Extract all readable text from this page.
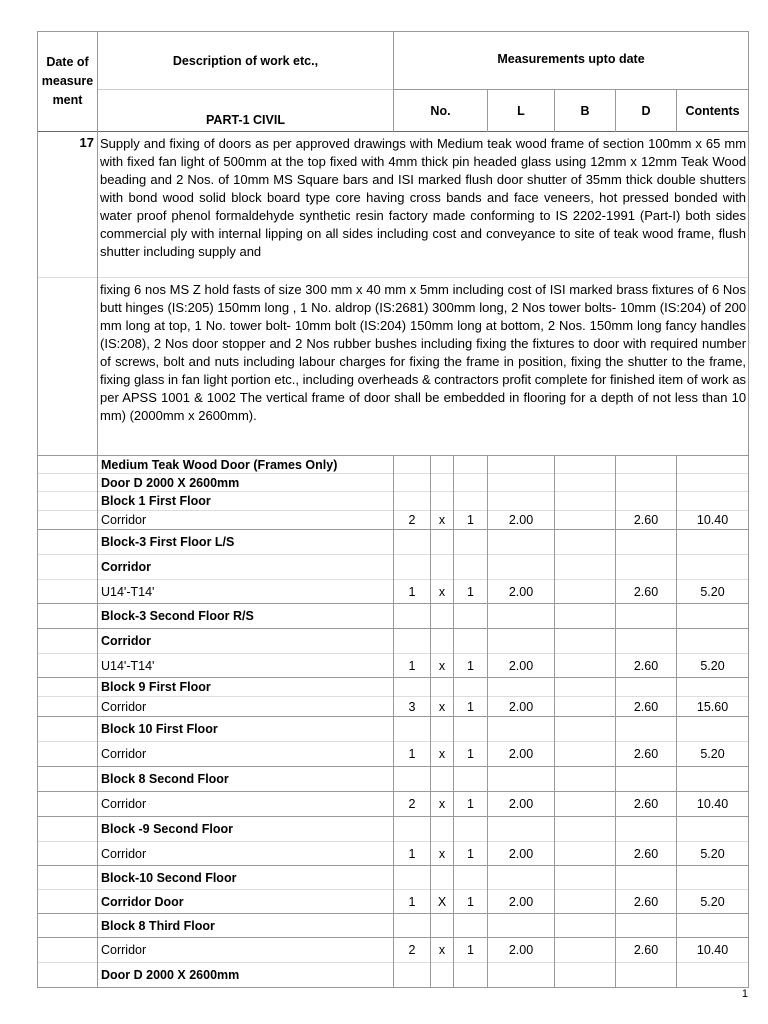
Date of measure ment	Description of work etc.,	Measurements upto date						
	PART-1 CIVIL	No.			L	B	D	Contents
17	Supply and fixing of doors as per approved drawings with Medium teak wood frame of section 100mm x 65 mm with fixed fan light of 500mm at the top fixed with 4mm thick pin headed glass using 12mm x 12mm Teak Wood beading and 2 Nos. of 10mm MS Square bars and ISI marked flush door shutter of 35mm thick double shutters with bond wood solid block board type core having cross bands and face veneers, hot pressed bonded with water proof phenol formaldehyde synthetic resin factory made conforming to IS 2202-1991 (Part-I) both sides commercial ply with internal lipping on all sides including cost and conveyance to site of teak wood frame, flush shutter including supply and							
	fixing 6 nos MS Z hold fasts of size 300 mm x 40 mm x 5mm including cost of ISI marked brass fixtures of 6 Nos butt hinges (IS:205) 150mm long , 1 No. aldrop (IS:2681) 300mm long, 2 Nos tower bolts- 10mm (IS:204) of 200 mm long at top, 1 No. tower bolt- 10mm bolt (IS:204) 150mm long at bottom, 2 Nos. 150mm long fancy handles (IS:208), 2 Nos door stopper and 2 Nos rubber bushes including fixing the fixtures to door with required number of screws, bolt and nuts including labour charges for fixing the frame in position, fixing the shutter to the frame, fixing glass in fan light portion etc., including overheads & contractors profit complete for finished item of work as per APSS 1001 & 1002 The vertical frame of door shall be embedded in flooring for a depth of not less than 10 mm) (2000mm x 2600mm).							
	Medium Teak Wood Door (Frames Only)							
	Door D 2000 X 2600mm							
	Block 1 First Floor							
	Corridor	2	x	1	2.00		2.60	10.40
	Block-3 First Floor L/S							
	Corridor							
	U14'-T14'	1	x	1	2.00		2.60	5.20
	Block-3 Second Floor R/S							
	Corridor							
	U14'-T14'	1	x	1	2.00		2.60	5.20
	Block 9 First Floor							
	Corridor	3	x	1	2.00		2.60	15.60
	Block 10 First Floor							
	Corridor	1	x	1	2.00		2.60	5.20
	Block 8 Second Floor							
	Corridor	2	x	1	2.00		2.60	10.40
	Block -9 Second Floor							
	Corridor	1	x	1	2.00		2.60	5.20
	Block-10 Second Floor							
	Corridor Door	1	X	1	2.00		2.60	5.20
	Block 8 Third Floor							
	Corridor	2	x	1	2.00		2.60	10.40
	Door D 2000 X 2600mm							
1
